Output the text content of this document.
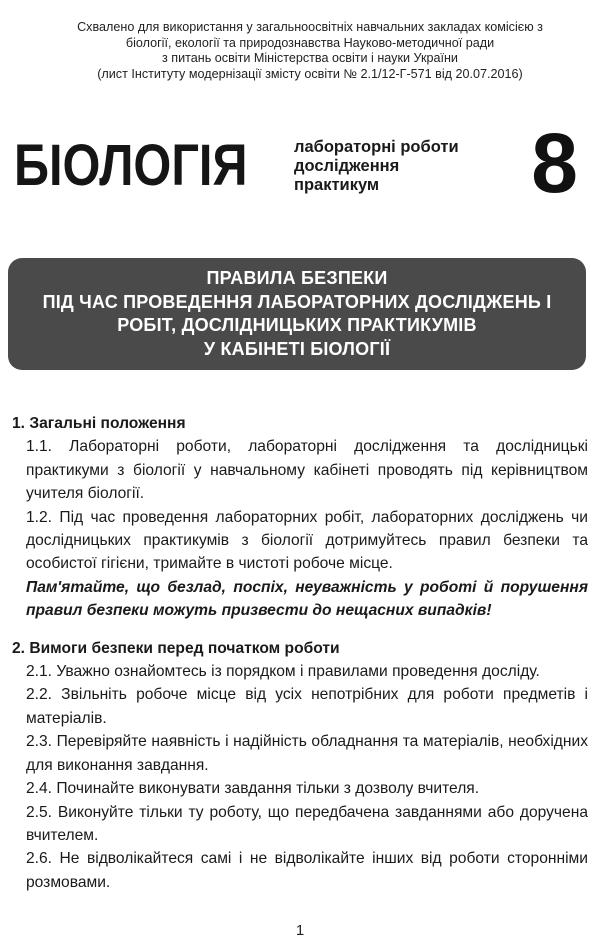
Схвалено для використання у загальноосвітніх навчальних закладах комісією з
біології, екології та природознавства Науково-методичної ради
з питань освіти Міністерства освіти і науки України
(лист Інституту модернізації змісту освіти № 2.1/12-Г-571 від 20.07.2016)
БІОЛОГІЯ	лабораторні роботи
дослідження
практикум	8
ПРАВИЛА БЕЗПЕКИ
ПІД ЧАС ПРОВЕДЕННЯ ЛАБОРАТОРНИХ ДОСЛІДЖЕНЬ І
РОБІТ, ДОСЛІДНИЦЬКИХ ПРАКТИКУМІВ
У КАБІНЕТІ БІОЛОГІЇ

1. Загальні положення

1.1. Лабораторні роботи, лабораторні дослідження та дослідницькі практикуми з біології у навчальному кабінеті проводять під керівництвом учителя біології.

1.2. Під час проведення лабораторних робіт, лабораторних досліджень чи дослідницьких практикумів з біології дотримуйтесь правил безпеки та особистої гігієни, тримайте в чистоті робоче місце.

Пам'ятайте, що безлад, поспіх, неуважність у роботі й порушення правил безпеки можуть призвести до нещасних випадків!

2. Вимоги безпеки перед початком роботи

2.1. Уважно ознайомтесь із порядком і правилами проведення досліду.

2.2. Звільніть робоче місце від усіх непотрібних для роботи предметів і матеріалів.

2.3. Перевіряйте наявність і надійність обладнання та матеріалів, необхідних для виконання завдання.

2.4. Починайте виконувати завдання тільки з дозволу вчителя.

2.5. Виконуйте тільки ту роботу, що передбачена завданнями або доручена вчителем.

2.6. Не відволікайтеся самі і не відволікайте інших від роботи сторонніми розмовами.

1
